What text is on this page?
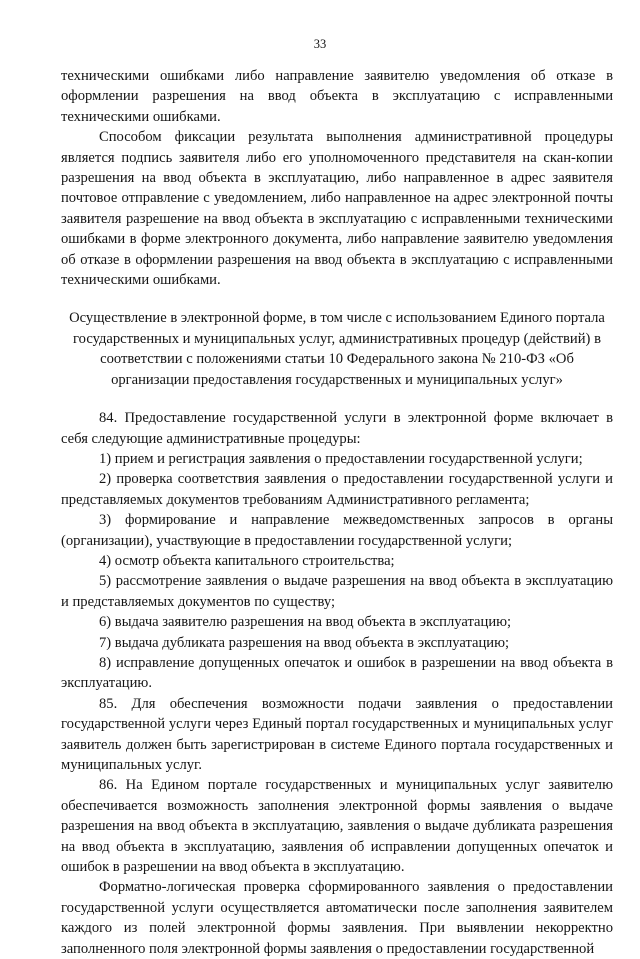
33

техническими ошибками либо направление заявителю уведомления об отказе в оформлении разрешения на ввод объекта в эксплуатацию с исправленными техническими ошибками.

Способом фиксации результата выполнения административной процедуры является подпись заявителя либо его уполномоченного представителя на скан-копии разрешения на ввод объекта в эксплуатацию, либо направленное в адрес заявителя почтовое отправление с уведомлением, либо направленное на адрес электронной почты заявителя разрешение на ввод объекта в эксплуатацию с исправленными техническими ошибками в форме электронного документа, либо направление заявителю уведомления об отказе в оформлении разрешения на ввод объекта в эксплуатацию с исправленными техническими ошибками.

Осуществление в электронной форме, в том числе с использованием Единого портала государственных и муниципальных услуг, административных процедур (действий) в соответствии с положениями статьи 10 Федерального закона № 210-ФЗ «Об организации предоставления государственных и муниципальных услуг»

84. Предоставление государственной услуги в электронной форме включает в себя следующие административные процедуры:

1) прием и регистрация заявления о предоставлении государственной услуги;

2) проверка соответствия заявления о предоставлении государственной услуги и представляемых документов требованиям Административного регламента;

3) формирование и направление межведомственных запросов в органы (организации), участвующие в предоставлении государственной услуги;

4) осмотр объекта капитального строительства;

5) рассмотрение заявления о выдаче разрешения на ввод объекта в эксплуатацию и представляемых документов по существу;

6) выдача заявителю разрешения на ввод объекта в эксплуатацию;

7) выдача дубликата разрешения на ввод объекта в эксплуатацию;

8) исправление допущенных опечаток и ошибок в разрешении на ввод объекта в эксплуатацию.

85. Для обеспечения возможности подачи заявления о предоставлении государственной услуги через Единый портал государственных и муниципальных услуг заявитель должен быть зарегистрирован в системе Единого портала государственных и муниципальных услуг.

86. На Едином портале государственных и муниципальных услуг заявителю обеспечивается возможность заполнения электронной формы заявления о выдаче разрешения на ввод объекта в эксплуатацию, заявления о выдаче дубликата разрешения на ввод объекта в эксплуатацию, заявления об исправлении допущенных опечаток и ошибок в разрешении на ввод объекта в эксплуатацию.

Форматно-логическая проверка сформированного заявления о предоставлении государственной услуги осуществляется автоматически после заполнения заявителем каждого из полей электронной формы заявления. При выявлении некорректно заполненного поля электронной формы заявления о предоставлении государственной
